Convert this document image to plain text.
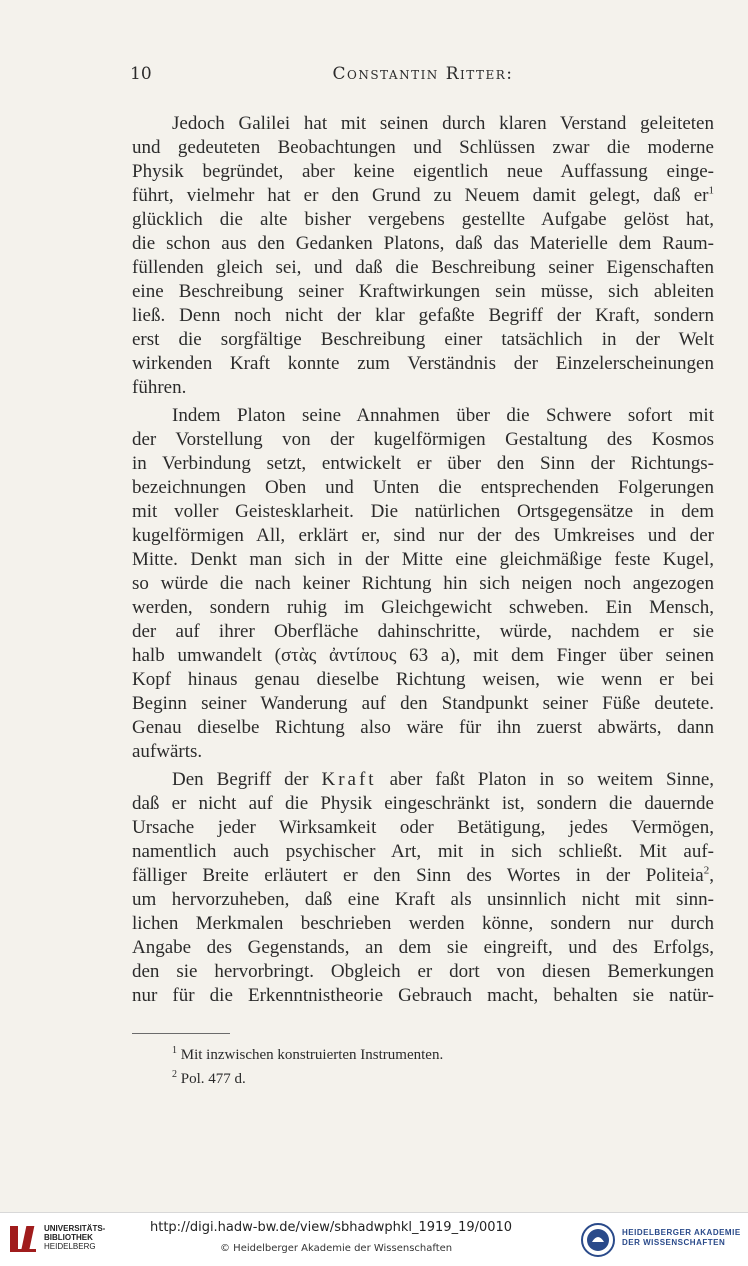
10	Constantin Ritter:
Jedoch Galilei hat mit seinen durch klaren Verstand geleiteten
und gedeuteten Beobachtungen und Schlüssen zwar die moderne
Physik begründet, aber keine eigentlich neue Auffassung einge-
führt, vielmehr hat er den Grund zu Neuem damit gelegt, daß $er^1$
glücklich die alte bisher vergebens gestellte Aufgabe gelöst hat,
die schon aus den Gedanken Platons, daß das Materielle dem Raum-
füllenden gleich sei, und daß die Beschreibung seiner Eigenschaften
eine Beschreibung seiner Kraftwirkungen sein müsse, sich ableiten
ließ. Denn noch nicht der klar gefaßte Begriff der Kraft, sondern
erst die sorgfältige Beschreibung einer tatsächlich in der Welt
wirkenden Kraft konnte zum Verständnis der Einzelerscheinungen
führen.
Indem Platon seine Annahmen über die Schwere sofort mit
der Vorstellung von der kugelförmigen Gestaltung des Kosmos
in Verbindung setzt, entwickelt er über den Sinn der Richtungs-
bezeichnungen Oben und Unten die entsprechenden Folgerungen
mit voller Geistesklarheit. Die natürlichen Ortsgegensätze in dem
kugelförmigen All, erklärt er, sind nur der des Umkreises und der
Mitte. Denkt man sich in der Mitte eine gleichmäßige feste Kugel,
so würde die nach keiner Richtung hin sich neigen noch angezogen
werden, sondern ruhig im Gleichgewicht schweben. Ein Mensch,
der auf ihrer Oberfläche dahinschritte, würde, nachdem er sie
halb umwandelt (στὰς ἀντίπους 63 a), mit dem Finger über seinen
Kopf hinaus genau dieselbe Richtung weisen, wie wenn er bei
Beginn seiner Wanderung auf den Standpunkt seiner Füße deutete.
Genau dieselbe Richtung also wäre für ihn zuerst abwärts, dann
aufwärts.
Den Begriff der Kraft aber faßt Platon in so weitem Sinne,
daß er nicht auf die Physik eingeschränkt ist, sondern die dauernde
Ursache jeder Wirksamkeit oder Betätigung, jedes Vermögen,
namentlich auch psychischer Art, mit in sich schließt. Mit auf-
fälliger Breite erläutert er den Sinn des Wortes in der Politeia$^2$,
um hervorzuheben, daß eine Kraft als unsinnlich nicht mit sinn-
lichen Merkmalen beschrieben werden könne, sondern nur durch
Angabe des Gegenstands, an dem sie eingreift, und des Erfolgs,
den sie hervorbringt. Obgleich er dort von diesen Bemerkungen
nur für die Erkenntnistheorie Gebrauch macht, behalten sie natür-
$^1$ Mit inzwischen konstruierten Instrumenten.
$^2$ Pol. 477 d.
UNIVERSITÄTS-
BIBLIOTHEK
HEIDELBERG
http://digi.hadw-bw.de/view/sbhadwphkl_1919_19/0010
© Heidelberger Akademie der Wissenschaften
HEIDELBERGER AKADEMIE
DER WISSENSCHAFTEN
